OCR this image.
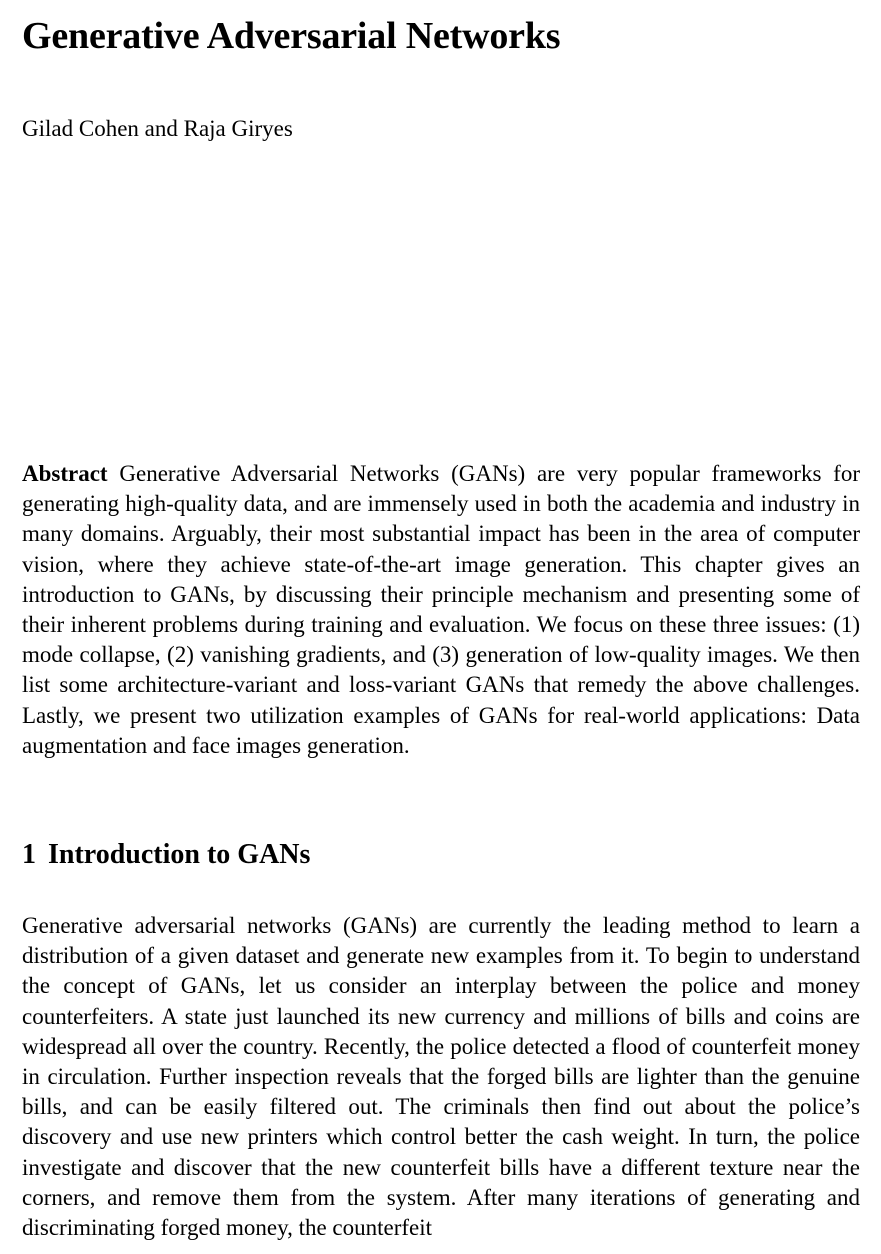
Generative Adversarial Networks

Gilad Cohen and Raja Giryes

Abstract Generative Adversarial Networks (GANs) are very popular frameworks for generating high-quality data, and are immensely used in both the academia and industry in many domains. Arguably, their most substantial impact has been in the area of computer vision, where they achieve state-of-the-art image generation. This chapter gives an introduction to GANs, by discussing their principle mechanism and presenting some of their inherent problems during training and evaluation. We focus on these three issues: (1) mode collapse, (2) vanishing gradients, and (3) generation of low-quality images. We then list some architecture-variant and loss-variant GANs that remedy the above challenges. Lastly, we present two utilization examples of GANs for real-world applications: Data augmentation and face images generation.

1 Introduction to GANs

Generative adversarial networks (GANs) are currently the leading method to learn a distribution of a given dataset and generate new examples from it. To begin to understand the concept of GANs, let us consider an interplay between the police and money counterfeiters. A state just launched its new currency and millions of bills and coins are widespread all over the country. Recently, the police detected a flood of counterfeit money in circulation. Further inspection reveals that the forged bills are lighter than the genuine bills, and can be easily filtered out. The criminals then find out about the police’s discovery and use new printers which control better the cash weight. In turn, the police investigate and discover that the new counterfeit bills have a different texture near the corners, and remove them from the system. After many iterations of generating and discriminating forged money, the counterfeit
